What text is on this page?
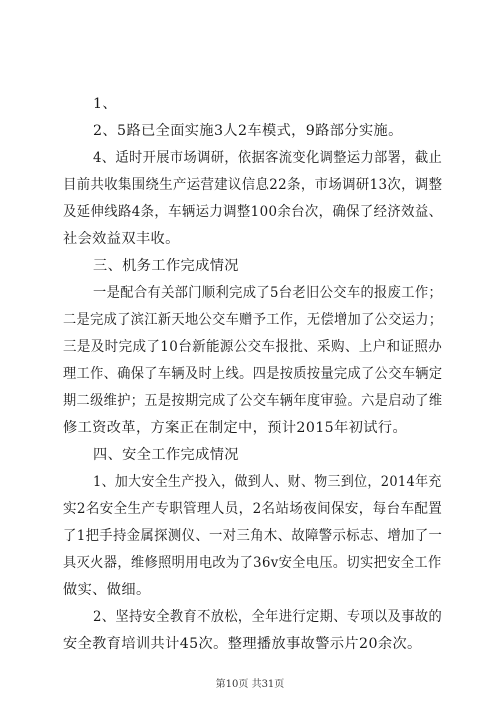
1、
2、5路已全面实施3人2车模式，9路部分实施。
4、适时开展市场调研，依据客流变化调整运力部署，截止
目前共收集围绕生产运营建议信息22条，市场调研13次，调整
及延伸线路4条，车辆运力调整100余台次，确保了经济效益、
社会效益双丰收。
三、机务工作完成情况
一是配合有关部门顺利完成了5台老旧公交车的报废工作；
二是完成了滨江新天地公交车赠予工作，无偿增加了公交运力；
三是及时完成了10台新能源公交车报批、采购、上户和证照办
理工作、确保了车辆及时上线。四是按质按量完成了公交车辆定
期二级维护；五是按期完成了公交车辆年度审验。六是启动了维
修工资改革，方案正在制定中，预计2015年初试行。
四、安全工作完成情况
1、加大安全生产投入，做到人、财、物三到位，2014年充
实2名安全生产专职管理人员，2名站场夜间保安，每台车配置
了1把手持金属探测仪、一对三角木、故障警示标志、增加了一
具灭火器，维修照明用电改为了36v安全电压。切实把安全工作
做实、做细。
2、坚持安全教育不放松，全年进行定期、专项以及事故的
安全教育培训共计45次。整理播放事故警示片20余次。
第10页 共31页
